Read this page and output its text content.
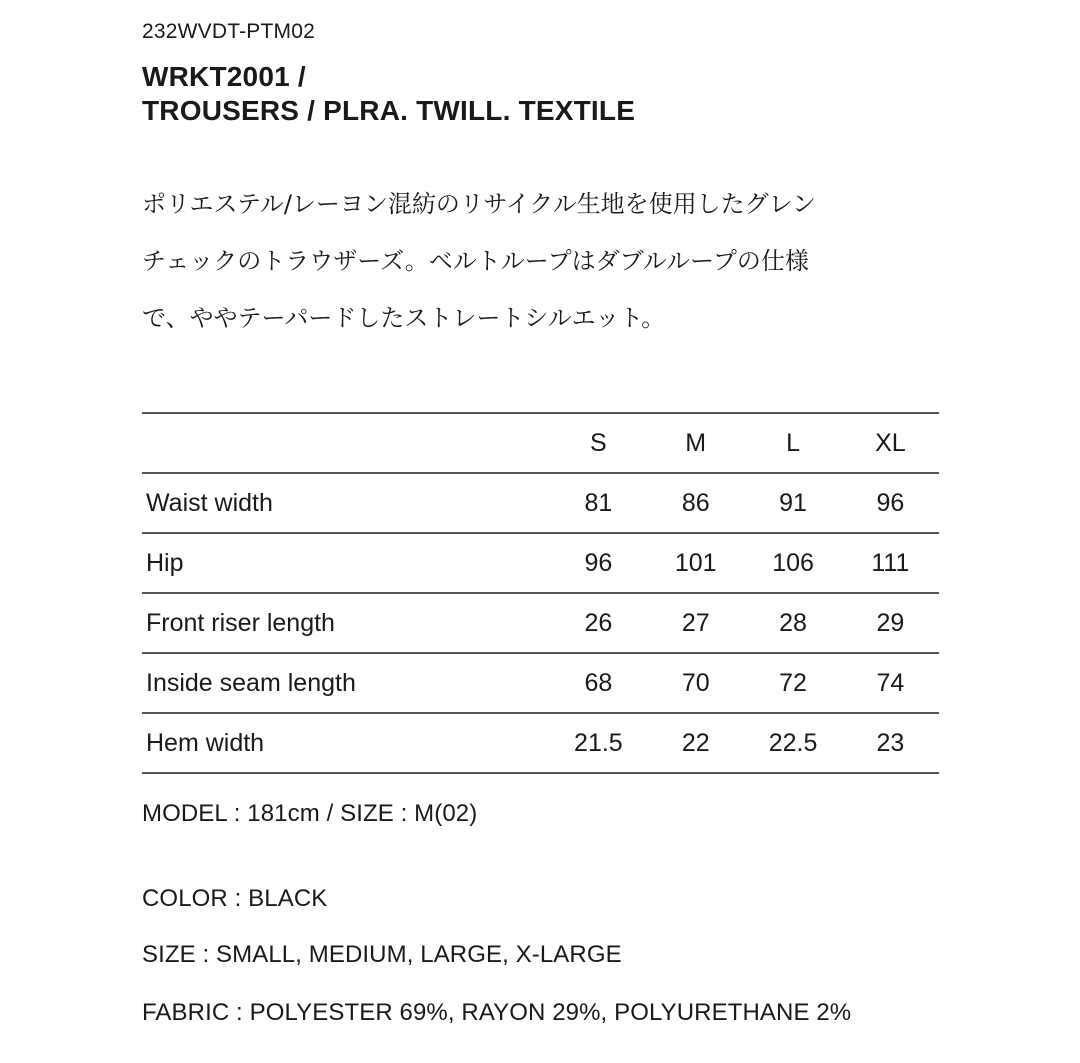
232WVDT-PTM02
WRKT2001 /
TROUSERS / PLRA. TWILL. TEXTILE
ポリエステル/レーヨン混紡のリサイクル生地を使用したグレン
チェックのトラウザーズ。ベルトループはダブルループの仕様
で、ややテーパードしたストレートシルエット。
	S	M	L	XL
Waist width	81	86	91	96
Hip	96	101	106	111
Front riser length	26	27	28	29
Inside seam length	68	70	72	74
Hem width	21.5	22	22.5	23
MODEL : 181cm / SIZE : M(02)
COLOR : BLACK
SIZE : SMALL, MEDIUM, LARGE, X-LARGE
FABRIC : POLYESTER 69%, RAYON 29%, POLYURETHANE 2%
